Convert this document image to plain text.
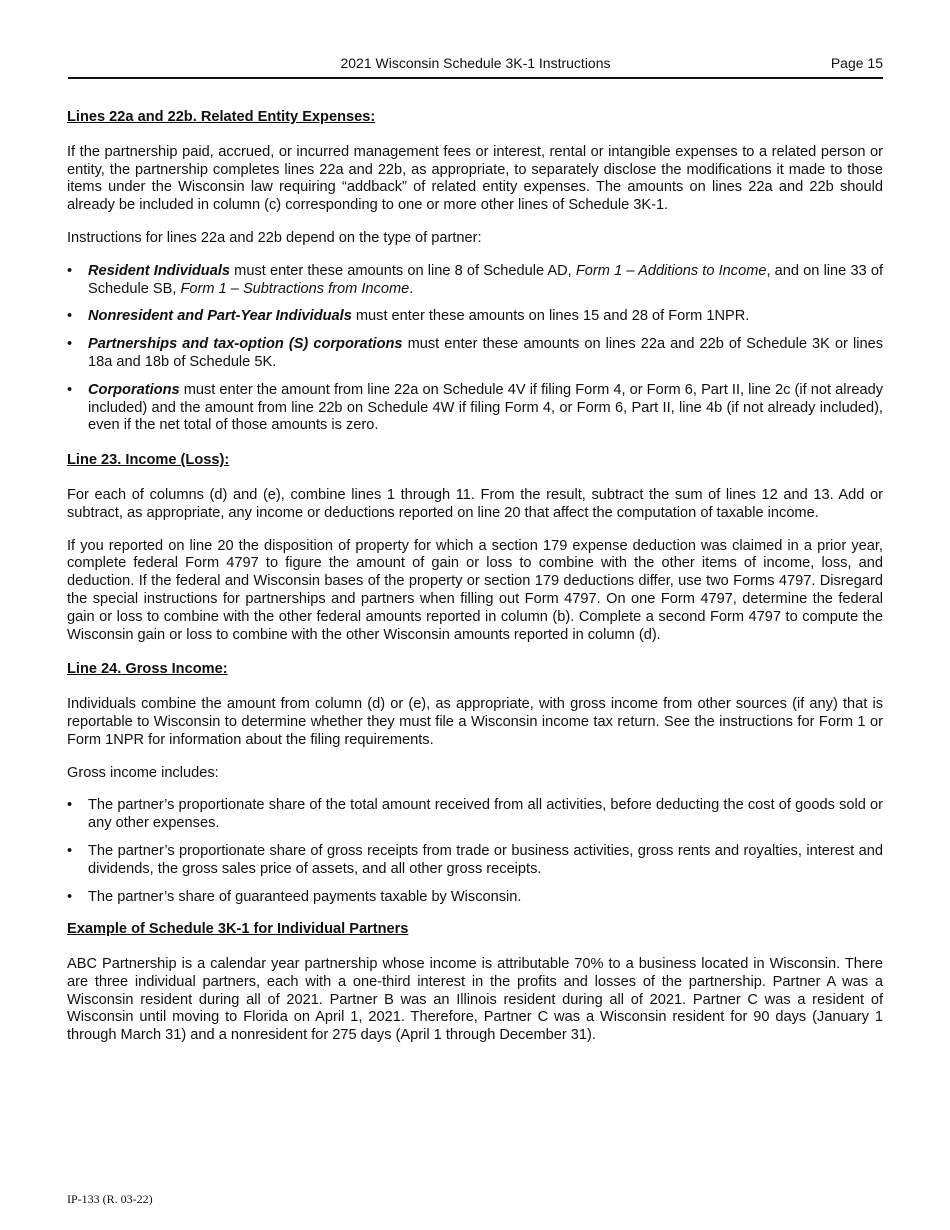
2021 Wisconsin Schedule 3K-1 Instructions	Page 15

Lines 22a and 22b. Related Entity Expenses:

If the partnership paid, accrued, or incurred management fees or interest, rental or intangible expenses to a related person or entity, the partnership completes lines 22a and 22b, as appropriate, to separately disclose the modifications it made to those items under the Wisconsin law requiring “addback” of related entity expenses. The amounts on lines 22a and 22b should already be included in column (c) corresponding to one or more other lines of Schedule 3K-1.

Instructions for lines 22a and 22b depend on the type of partner:

• Resident Individuals must enter these amounts on line 8 of Schedule AD, Form 1 – Additions to Income, and on line 33 of Schedule SB, Form 1 – Subtractions from Income.
• Nonresident and Part-Year Individuals must enter these amounts on lines 15 and 28 of Form 1NPR.
• Partnerships and tax-option (S) corporations must enter these amounts on lines 22a and 22b of Schedule 3K or lines 18a and 18b of Schedule 5K.
• Corporations must enter the amount from line 22a on Schedule 4V if filing Form 4, or Form 6, Part II, line 2c (if not already included) and the amount from line 22b on Schedule 4W if filing Form 4, or Form 6, Part II, line 4b (if not already included), even if the net total of those amounts is zero.

Line 23. Income (Loss):

For each of columns (d) and (e), combine lines 1 through 11. From the result, subtract the sum of lines 12 and 13. Add or subtract, as appropriate, any income or deductions reported on line 20 that affect the computation of taxable income.

If you reported on line 20 the disposition of property for which a section 179 expense deduction was claimed in a prior year, complete federal Form 4797 to figure the amount of gain or loss to combine with the other items of income, loss, and deduction. If the federal and Wisconsin bases of the property or section 179 deductions differ, use two Forms 4797. Disregard the special instructions for partnerships and partners when filling out Form 4797. On one Form 4797, determine the federal gain or loss to combine with the other federal amounts reported in column (b). Complete a second Form 4797 to compute the Wisconsin gain or loss to combine with the other Wisconsin amounts reported in column (d).

Line 24. Gross Income:

Individuals combine the amount from column (d) or (e), as appropriate, with gross income from other sources (if any) that is reportable to Wisconsin to determine whether they must file a Wisconsin income tax return. See the instructions for Form 1 or Form 1NPR for information about the filing requirements.

Gross income includes:

• The partner’s proportionate share of the total amount received from all activities, before deducting the cost of goods sold or any other expenses.
• The partner’s proportionate share of gross receipts from trade or business activities, gross rents and royalties, interest and dividends, the gross sales price of assets, and all other gross receipts.
• The partner’s share of guaranteed payments taxable by Wisconsin.

Example of Schedule 3K-1 for Individual Partners

ABC Partnership is a calendar year partnership whose income is attributable 70% to a business located in Wisconsin. There are three individual partners, each with a one-third interest in the profits and losses of the partnership. Partner A was a Wisconsin resident during all of 2021. Partner B was an Illinois resident during all of 2021. Partner C was a resident of Wisconsin until moving to Florida on April 1, 2021. Therefore, Partner C was a Wisconsin resident for 90 days (January 1 through March 31) and a nonresident for 275 days (April 1 through December 31).

IP-133 (R. 03-22)
